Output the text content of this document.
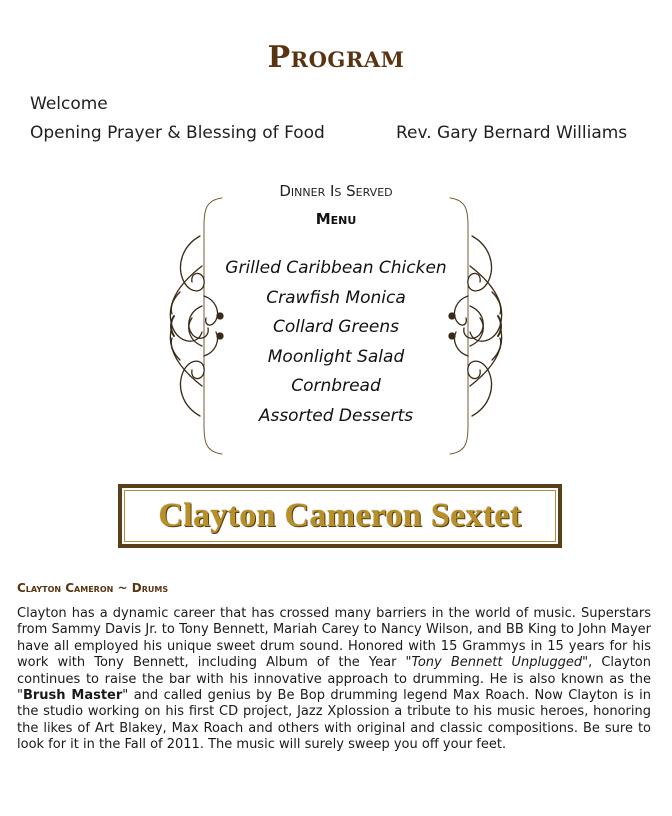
Program
Welcome
Opening Prayer & Blessing of Food	Rev. Gary Bernard Williams
Dinner Is Served
Menu
Grilled Caribbean Chicken
Crawfish Monica
Collard Greens
Moonlight Salad
Cornbread
Assorted Desserts
Clayton Cameron Sextet
Clayton Cameron ~ Drums

Clayton has a dynamic career that has crossed many barriers in the world of music. Superstars from Sammy Davis Jr. to Tony Bennett, Mariah Carey to Nancy Wilson, and BB King to John Mayer have all employed his unique sweet drum sound. Honored with 15 Grammys in 15 years for his work with Tony Bennett, including Album of the Year "Tony Bennett Unplugged", Clayton continues to raise the bar with his innovative approach to drumming. He is also known as the "Brush Master" and called genius by Be Bop drumming legend Max Roach. Now Clayton is in the studio working on his first CD project, Jazz Xplossion a tribute to his music heroes, honoring the likes of Art Blakey, Max Roach and others with original and classic compositions. Be sure to look for it in the Fall of 2011. The music will surely sweep you off your feet.
